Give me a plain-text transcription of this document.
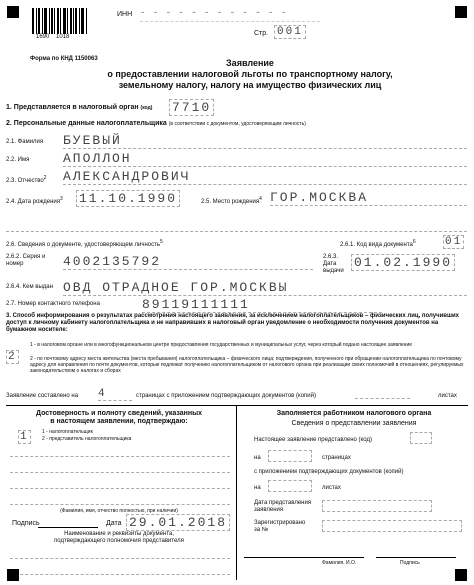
1690    1018
ИНН - - - - - - - - - - - -
Стр. 001
Форма по КНД 1150063	Заявление
о предоставлении налоговой льготы по транспортному налогу,
земельному налогу, налогу на имущество физических лиц
1. Представляется в налоговый орган (код) 7710
2. Персональные данные налогоплательщика (в соответствии с документом, удостоверяющим личность)
2.1. Фамилия БУЕВЫЙ
2.2. Имя	АПОЛЛОН
2.3. Отчество$^2$ АЛЕКСАНДРОВИЧ
2.4. Дата рождения$^3$ 11.10.1990	2.5. Место рождения$^4$ ГОР.МОСКВА
2.6. Сведения о документе, удостоверяющем личность$^5$	2.6.1. Код вида документа$^6$	01
2.6.2. Серия и номер	4002135792	2.6.3. Дата выдачи
01.02.1990
2.6.4. Кем выдан ОВД ОТРАДНОЕ ГОР.МОСКВЫ
2.7. Номер контактного телефона	89119111111
3. Способ информирования о результатах рассмотрения настоящего заявления, за исключением налогоплательщиков – физических лиц, получивших доступ к личному кабинету налогоплательщика и не направивших в налоговый орган уведомление о необходимости получения документов на бумажном носителе:
2
1 - в налоговом органе или в многофункциональном центре предоставления государственных и муниципальных услуг, через который подано настоящее заявление
2 - по почтовому адресу места жительства (места пребывания) налогоплательщика – физического лица; подтверждения, полученного при обращении налогоплательщика по почтовому адресу для направления по почте документов, которые подлежат получению налогоплательщиком от налогового органа при реализации своих полномочий в отношениях, регулируемых законодательством о налогах и сборах
Заявление составлено на 4	страницах с приложением подтверждающих документов (копий)	листах
Достоверность и полноту сведений, указанных
в настоящем заявлении, подтверждаю:
1	1 - налогоплательщик
2 - представитель налогоплательщика
(Фамилия, имя, отчество полностью, при наличии)
Подпись	Дата 29.01.2018
Наименование и реквизиты документа,
подтверждающего полномочия представителя
Заполняется работником налогового органа
Сведения о представлении заявления
Настоящее заявление представлено (код)
на	страницах
с приложением подтверждающих документов (копий)
на	листах
Дата представления
заявления
Зарегистрировано
за №
Фамилия, И.О.	Подпись
